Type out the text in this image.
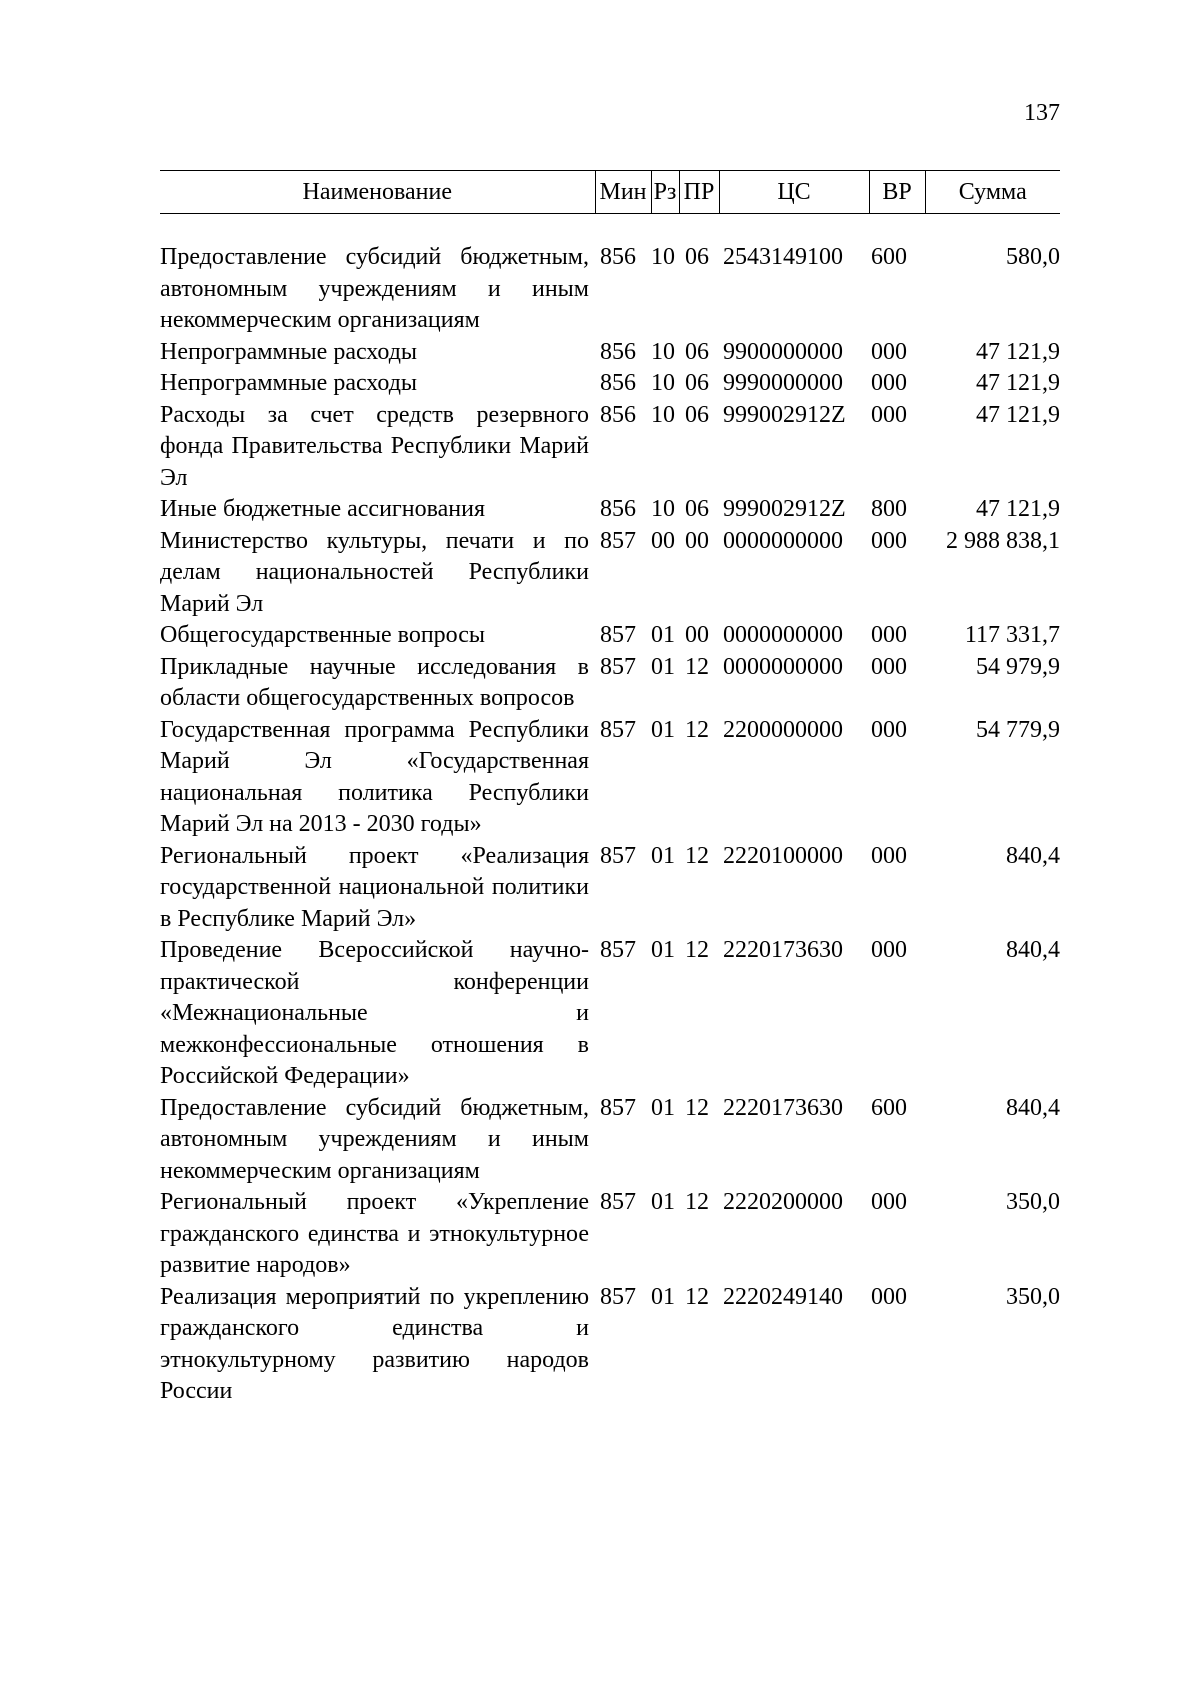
137
Наименование	Мин	Рз	ПР	ЦС	ВР	Сумма

Предоставление субсидий бюджетным, автономным учреждениям и иным некоммерческим организациям	856	10	06	2543149100	600	580,0
Непрограммные расходы	856	10	06	9900000000	000	47 121,9
Непрограммные расходы	856	10	06	9990000000	000	47 121,9
Расходы за счет средств резервного фонда Правительства Республики Марий Эл	856	10	06	999002912Z	000	47 121,9
Иные бюджетные ассигнования	856	10	06	999002912Z	800	47 121,9
Министерство культуры, печати и по делам национальностей Республики Марий Эл	857	00	00	0000000000	000	2 988 838,1
Общегосударственные вопросы	857	01	00	0000000000	000	117 331,7
Прикладные научные исследования в области общегосударственных вопросов	857	01	12	0000000000	000	54 979,9
Государственная программа Республики Марий Эл «Государственная национальная политика Республики Марий Эл на 2013 - 2030 годы»	857	01	12	2200000000	000	54 779,9
Региональный проект «Реализация государственной национальной политики в Республике Марий Эл»	857	01	12	2220100000	000	840,4
Проведение Всероссийской научно-практической конференции «Межнациональные и межконфессиональные отношения в Российской Федерации»	857	01	12	2220173630	000	840,4
Предоставление субсидий бюджетным, автономным учреждениям и иным некоммерческим организациям	857	01	12	2220173630	600	840,4
Региональный проект «Укрепление гражданского единства и этнокультурное развитие народов»	857	01	12	2220200000	000	350,0
Реализация мероприятий по укреплению гражданского единства и этнокультурному развитию народов России	857	01	12	2220249140	000	350,0
